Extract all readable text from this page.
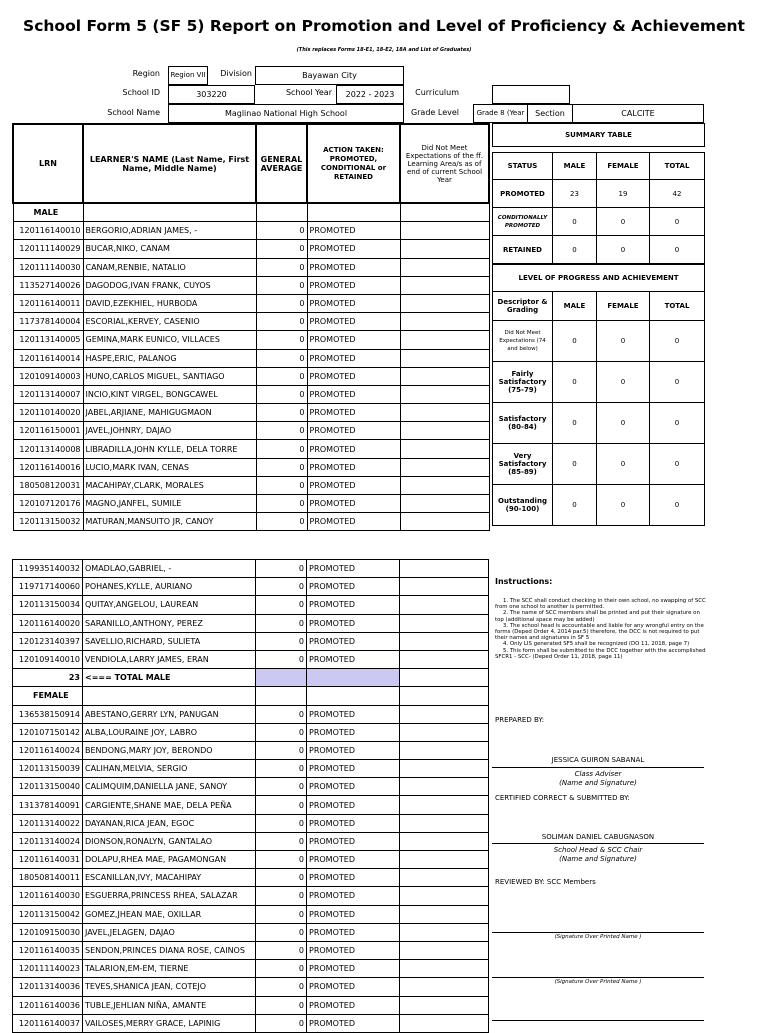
School Form 5 (SF 5) Report on Promotion and Level of Proficiency & Achievement
(This replaces Forms 18-E1, 18-E2, 18A and List of Graduates)
Region	Region VII	Division	Bayawan City
School ID	303220	School Year	2022 - 2023	Curriculum
School Name	Maglinao National High School	Grade Level	Grade 8 (Year	Section	CALCITE
LRN	LEARNER'S NAME (Last Name, First Name, Middle Name)	GENERAL AVERAGE	ACTION TAKEN: PROMOTED, CONDITIONAL or RETAINED	Did Not Meet Expectations of the ff. Learning Area/s as of end of current School Year
MALE				
120116140010	BERGORIO,ADRIAN JAMES, -	0	PROMOTED	
120111140029	BUCAR,NIKO, CANAM	0	PROMOTED	
120111140030	CANAM,RENBIE, NATALIO	0	PROMOTED	
113527140026	DAGODOG,IVAN FRANK, CUYOS	0	PROMOTED	
120116140011	DAVID,EZEKHIEL, HURBODA	0	PROMOTED	
117378140004	ESCORIAL,KERVEY, CASENIO	0	PROMOTED	
120113140005	GEMINA,MARK EUNICO, VILLACES	0	PROMOTED	
120116140014	HASPE,ERIC, PALANOG	0	PROMOTED	
120109140003	HUNO,CARLOS MIGUEL, SANTIAGO	0	PROMOTED	
120113140007	INCIO,KINT VIRGEL, BONGCAWEL	0	PROMOTED	
120110140020	JABEL,ARJIANE, MAHIGUGMAON	0	PROMOTED	
120116150001	JAVEL,JOHNRY, DAJAO	0	PROMOTED	
120113140008	LIBRADILLA,JOHN KYLLE, DELA TORRE	0	PROMOTED	
120116140016	LUCIO,MARK IVAN, CENAS	0	PROMOTED	
180508120031	MACAHIPAY,CLARK, MORALES	0	PROMOTED	
120107120176	MAGNO,JANFEL, SUMILE	0	PROMOTED	
120113150032	MATURAN,MANSUITO JR, CANOY	0	PROMOTED	
SUMMARY TABLE			

STATUS	MALE	FEMALE	TOTAL
PROMOTED	23	19	42
CONDITIONALLY PROMOTED	0	0	0
RETAINED	0	0	0
LEVEL OF PROGRESS AND ACHIEVEMENT			
Descriptor & Grading	MALE	FEMALE	TOTAL
Did Not Meet Expectations (74 and below)	0	0	0
Fairly Satisfactory (75-79)	0	0	0
Satisfactory (80-84)	0	0	0
Very Satisfactory (85-89)	0	0	0
Outstanding (90-100)	0	0	0
119935140032	OMADLAO,GABRIEL, -	0	PROMOTED	
119717140060	POHANES,KYLLE, AURIANO	0	PROMOTED	
120113150034	QUITAY,ANGELOU, LAUREAN	0	PROMOTED	
120116140020	SARANILLO,ANTHONY, PEREZ	0	PROMOTED	
120123140397	SAVELLIO,RICHARD, SULIETA	0	PROMOTED	
120109140010	VENDIOLA,LARRY JAMES, ERAN	0	PROMOTED	
23	<=== TOTAL MALE			
FEMALE				
136538150914	ABESTANO,GERRY LYN, PANUGAN	0	PROMOTED	
120107150142	ALBA,LOURAINE JOY, LABRO	0	PROMOTED	
120116140024	BENDONG,MARY JOY, BERONDO	0	PROMOTED	
120113150039	CALIHAN,MELVIA, SERGIO	0	PROMOTED	
120113150040	CALIMQUIM,DANIELLA JANE, SANOY	0	PROMOTED	
131378140091	CARGIENTE,SHANE MAE, DELA PEÑA	0	PROMOTED	
120113140022	DAYANAN,RICA JEAN, EGOC	0	PROMOTED	
120113140024	DIONSON,RONALYN, GANTALAO	0	PROMOTED	
120116140031	DOLAPU,RHEA MAE, PAGAMONGAN	0	PROMOTED	
180508140011	ESCANILLAN,IVY, MACAHIPAY	0	PROMOTED	
120116140030	ESGUERRA,PRINCESS RHEA, SALAZAR	0	PROMOTED	
120113150042	GOMEZ,JHEAN MAE, OXILLAR	0	PROMOTED	
120109150030	JAVEL,JELAGEN, DAJAO	0	PROMOTED	
120116140035	SENDON,PRINCES DIANA ROSE, CAINOS	0	PROMOTED	
120111140023	TALARION,EM-EM, TIERNE	0	PROMOTED	
120113140036	TEVES,SHANICA JEAN, COTEJO	0	PROMOTED	
120116140036	TUBLE,JEHLIAN NIÑA, AMANTE	0	PROMOTED	
120116140037	VAILOSES,MERRY GRACE, LAPINIG	0	PROMOTED	
Instructions:
1. The SCC shall conduct checking in their own school, no swapping of SCC from one school to another is permitted.
2. The name of SCC members shall be printed and put their signature on top (additional space may be added)
3. The school head is accountable and liable for any wrongful entry on the forms (Deped Order 4, 2014 par.5) therefore, the DCC is not required to put their names and signatures in SF 5
4. Only LIS generated SF5 shall be recognized (DO 11, 2018, page 7)
5. This form shall be submitted to the DCC together with the accomplished SFCR1 - SCC- (Deped Order 11, 2018, page 11)
PREPARED BY:
JESSICA GUIRON SABANAL
Class Adviser
(Name and Signature)
CERTIFIED CORRECT & SUBMITTED BY:
SOLIMAN DANIEL CABUGNASON
School Head & SCC Chair
(Name and Signature)
REVIEWED BY: SCC Members
(Signature Over Printed Name )
(Signature Over Printed Name )
